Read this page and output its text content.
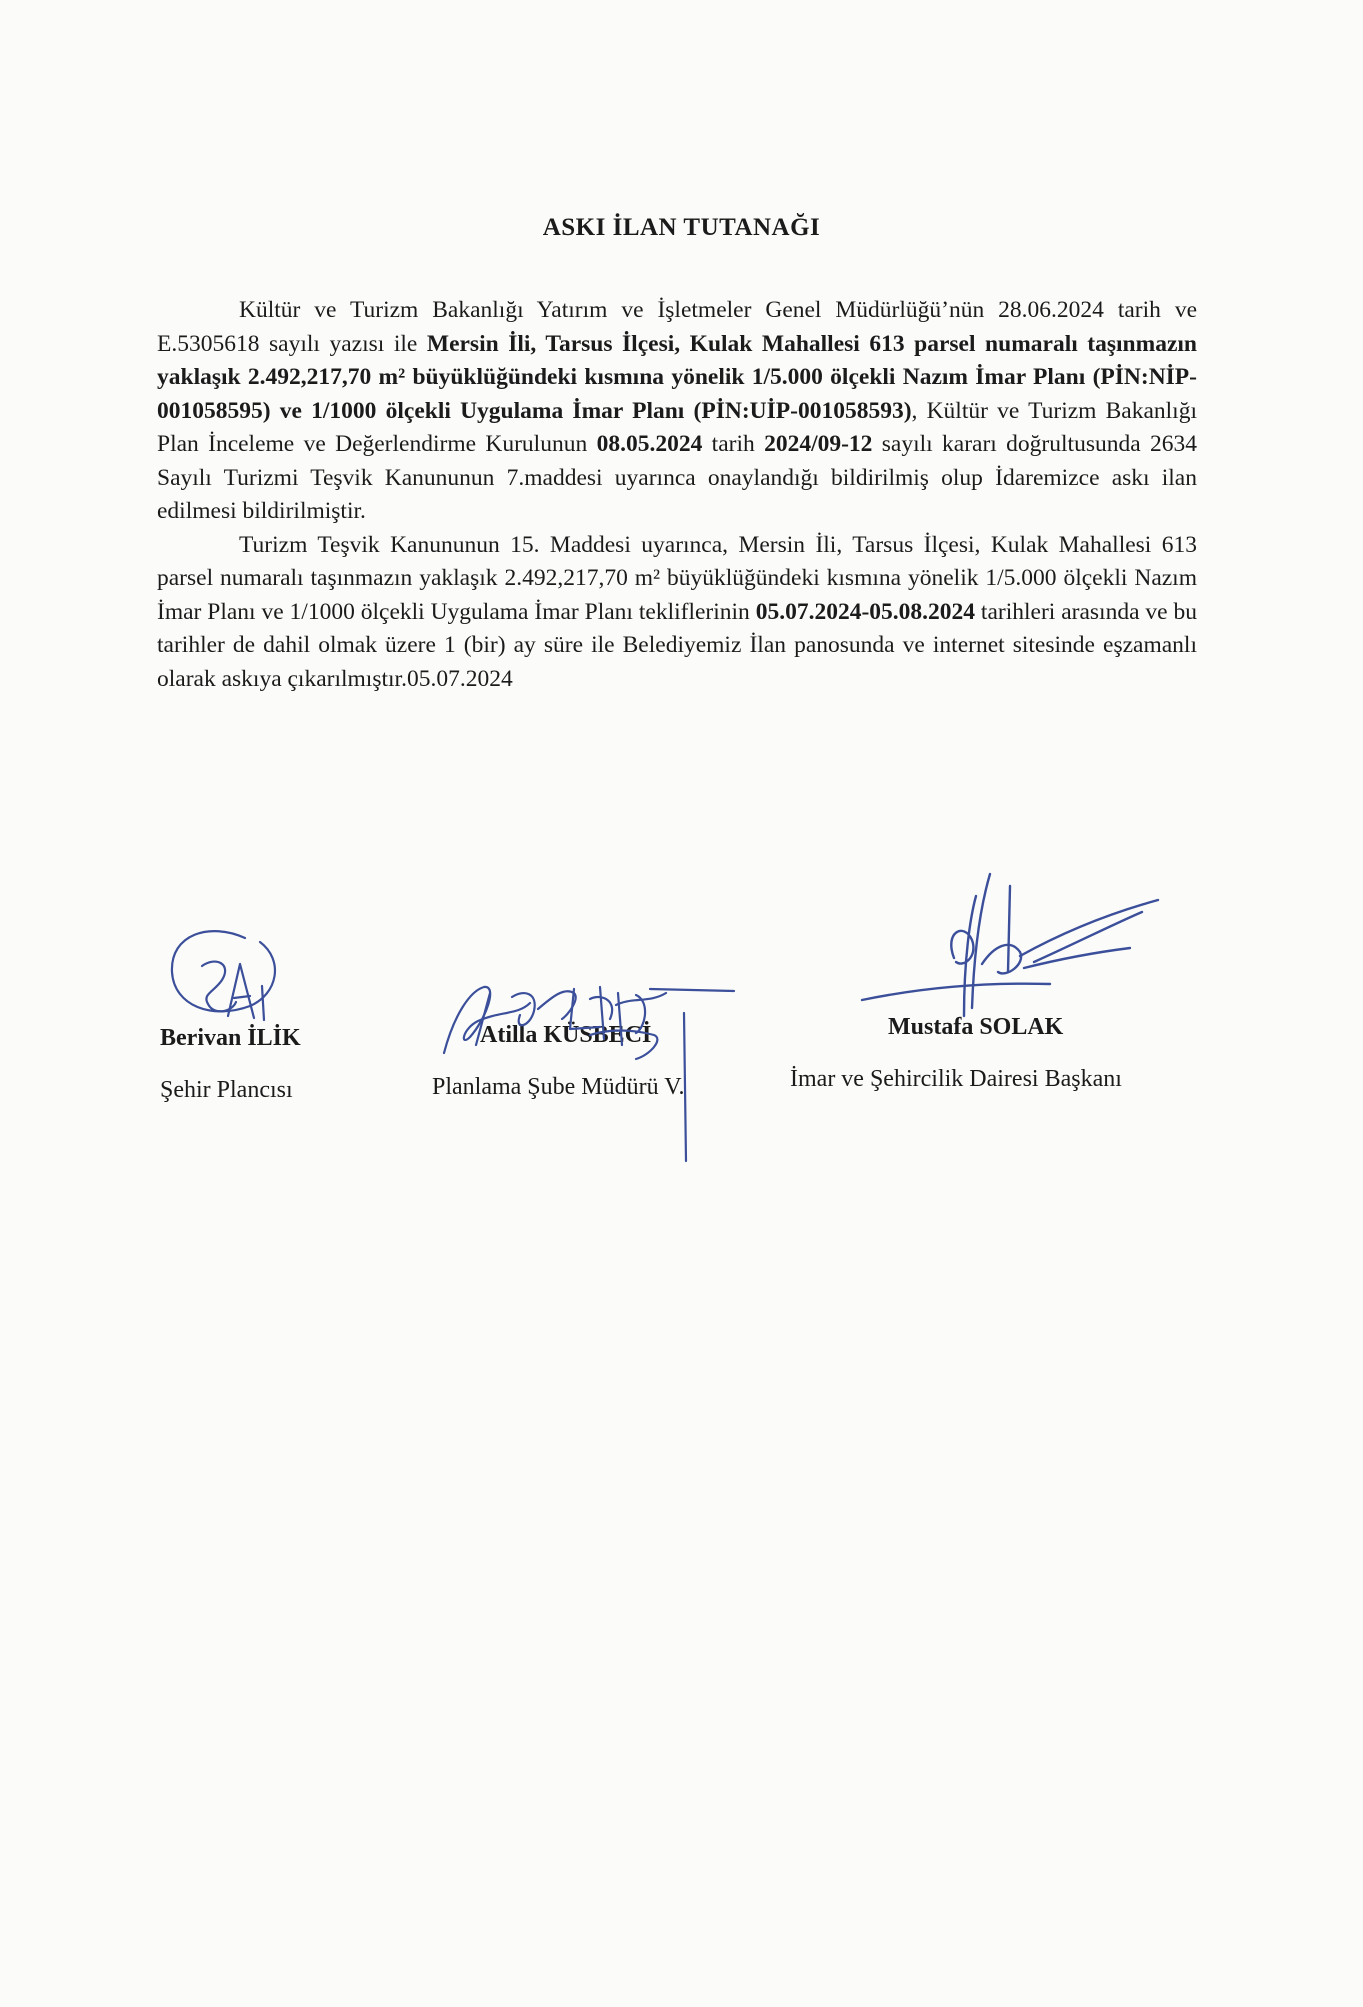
ASKI İLAN TUTANAĞI

Kültür ve Turizm Bakanlığı Yatırım ve İşletmeler Genel Müdürlüğü’nün 28.06.2024 tarih ve E.5305618 sayılı yazısı ile Mersin İli, Tarsus İlçesi, Kulak Mahallesi 613 parsel numaralı taşınmazın yaklaşık 2.492,217,70 m² büyüklüğündeki kısmına yönelik 1/5.000 ölçekli Nazım İmar Planı (PİN:NİP-001058595) ve 1/1000 ölçekli Uygulama İmar Planı (PİN:UİP-001058593), Kültür ve Turizm Bakanlığı Plan İnceleme ve Değerlendirme Kurulunun 08.05.2024 tarih 2024/09-12 sayılı kararı doğrultusunda 2634 Sayılı Turizmi Teşvik Kanununun 7.maddesi uyarınca onaylandığı bildirilmiş olup İdaremizce askı ilan edilmesi bildirilmiştir.

Turizm Teşvik Kanununun 15. Maddesi uyarınca, Mersin İli, Tarsus İlçesi, Kulak Mahallesi 613 parsel numaralı taşınmazın yaklaşık 2.492,217,70 m² büyüklüğündeki kısmına yönelik 1/5.000 ölçekli Nazım İmar Planı ve 1/1000 ölçekli Uygulama İmar Planı tekliflerinin 05.07.2024-05.08.2024 tarihleri arasında ve bu tarihler de dahil olmak üzere 1 (bir) ay süre ile Belediyemiz İlan panosunda ve internet sitesinde eşzamanlı olarak askıya çıkarılmıştır.05.07.2024

Berivan İLİK
Şehir Plancısı
Atilla KÜSBECİ
Planlama Şube Müdürü V.
Mustafa SOLAK
İmar ve Şehircilik Dairesi Başkanı
